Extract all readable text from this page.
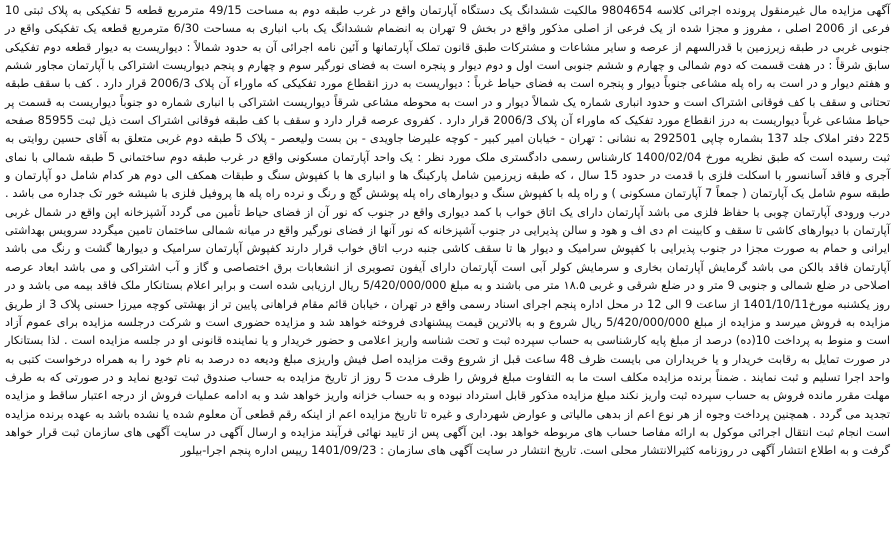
آگهی مزایده مال غیرمنقول پرونده اجرائی کلاسه 9804654 مالکیت ششدانگ یک دستگاه آپارتمان واقع در غرب طبقه دوم به مساحت 49/15 مترمربع قطعه 5 تفکیکی به پلاک ثبتی 10 فرعی از 2006 اصلی ، مفروز و مجزا شده از یک فرعی از اصلی مذکور واقع در بخش 9 تهران به انضمام ششدانگ یک باب انباری به مساحت 6/30 مترمربع قطعه یک تفکیکی واقع در جنوبی غربی در طبقه زیرزمین با قدرالسهم از عرصه و سایر مشاعات و مشترکات طبق قانون تملک آپارتمانها و آئین نامه اجرائی آن به حدود شمالاً : دیواریست به دیوار قطعه دوم تفکیکی سابق شرقاً : در هفت قسمت که دوم شمالی و چهارم و ششم جنوبی است اول و دوم دیوار و پنجره است به فضای نورگیر سوم و چهارم و پنجم دیواریست اشتراکی با آپارتمان مجاور ششم و هفتم دیوار و در است به راه پله مشاعی جنوباً دیوار و پنجره است به فضای حیاط غرباً : دیواریست به درز انقطاع مورد تفکیکی که ماوراء آن پلاک 2006/3 قرار دارد . کف با سقف طبقه تحتانی و سقف با کف فوقانی اشتراک است و حدود انباری شماره یک شمالاً دیوار و در است به محوطه مشاعی شرقاً دیواریست اشتراکی با انباری شماره دو جنوباً دیواریست به قسمت پر حیاط مشاعی غرباً دیواریست به درز انقطاع مورد تفکیک که ماوراء آن پلاک 2006/3 قرار دارد . کفروی عرصه قرار دارد و سقف با کف طبقه فوقانی اشتراک است ذیل ثبت 85955 صفحه 225 دفتر املاک جلد 137 بشماره چاپی 292501 به نشانی : تهران - خیابان امیر کبیر - کوچه علیرضا جاویدی - بن بست ولیعصر - پلاک 5 طبقه دوم غربی متعلق به آقای حسین روایتی به ثبت رسیده است که طبق نظریه مورخ 1400/02/04 کارشناس رسمی دادگستری ملک مورد نظر : یک واحد آپارتمان مسکونی واقع در غرب طبقه دوم ساختمانی 5 طبقه شمالی با نمای آجری و فاقد آسانسور با اسکلت فلزی با قدمت در حدود 15 سال ، که طبقه زیرزمین شامل پارکینگ ها و انباری ها با کفپوش سنگ و طبقات همکف الی دوم هر کدام شامل دو آپارتمان و طبقه سوم شامل یک آپارتمان ( جمعاً 7 آپارتمان مسکونی ) و راه پله با کفپوش سنگ و دیوارهای راه پله پوشش گچ و رنگ و نرده راه پله ها پروفیل فلزی با شیشه خور تک جداره می باشد . درب ورودی آپارتمان چوبی با حفاظ فلزی می باشد آپارتمان دارای یک اتاق خواب با کمد دیواری واقع در جنوب که نور آن از فضای حیاط تأمین می گردد آشپزخانه اپن واقع در شمال غربی آپارتمان با دیوارهای کاشی تا سقف و کابینت ام دی اف و هود و سالن پذیرایی در جنوب آشپزخانه که نور آنها از فضای نورگیر واقع در میانه شمالی ساختمان تامین میگردد سرویس بهداشتی ایرانی و حمام به صورت مجزا در جنوب پذیرایی با کفپوش سرامیک و دیوار ها تا سقف کاشی جنبه درب اتاق خواب قرار دارند کفپوش آپارتمان سرامیک و دیوارها گشت و رنگ می باشد آپارتمان فاقد بالکن می باشد گرمایش آپارتمان بخاری و سرمایش کولر آبی است آپارتمان دارای آیفون تصویری از انشعابات برق اختصاصی و گاز و آب اشتراکی و می باشد ابعاد عرصه اصلاحی در ضلع شمالی و جنوبی 9 متر و در ضلع شرقی و غربی ۱۸.۵ متر می باشند و به مبلغ 5/420/000/000 ریال ارزیابی شده است و برابر اعلام بستانکار ملک فاقد بیمه می باشد و در روز یکشنبه مورخ1401/10/11 از ساعت 9 الی 12 در محل اداره پنجم اجرای اسناد رسمی واقع در تهران ، خیابان قائم مقام فراهانی پایین تر از بهشتی کوچه میرزا حسنی پلاک 3 از طریق مزایده به فروش میرسد و مزایده از مبلغ 5/420/000/000 ریال شروع و به بالاترین قیمت پیشنهادی فروخته خواهد شد و مزایده حضوری است و شرکت درجلسه مزایده برای عموم آزاد است و منوط به پرداخت 10(ده) درصد از مبلغ پایه کارشناسی به حساب سپرده ثبت و تحت شناسه واریز اعلامی و حضور خریدار و یا نماینده قانونی او در جلسه مزایده است . لذا بستانکار در صورت تمایل به رقابت خریدار و یا خریداران می بایست ظرف 48 ساعت قبل از شروع وقت مزایده اصل فیش واریزی مبلغ ودیعه ده درصد به نام خود را به همراه درخواست کتبی به واحد اجرا تسلیم و ثبت نمایند . ضمناً برنده مزایده مکلف است ما به التفاوت مبلغ فروش را ظرف مدت 5 روز از تاریخ مزایده به حساب صندوق ثبت تودیع نماید و در صورتی که به طرف مهلت مقرر مانده فروش به حساب سپرده ثبت واریز نکند مبلغ مزایده مذکور قابل استرداد نبوده و به حساب خزانه واریز خواهد شد و به ادامه عملیات فروش از درجه اعتبار ساقط و مزایده تجدید می گردد . همچنین پرداخت وجوه از هر نوع اعم از بدهی مالیاتی و عوارض شهرداری و غیره تا تاریخ مزایده اعم از اینکه رقم قطعی آن معلوم شده یا نشده باشد به عهده برنده مزایده است انجام ثبت انتقال اجرائی موکول به ارائه مفاصا حساب های مربوطه خواهد بود. این آگهی پس از تایید نهائی فرآیند مزایده و ارسال آگهی در سایت آگهی های سازمان ثبت قرار خواهد گرفت و به اطلاع انتشار آگهی در روزنامه کثیرالانتشار محلی است. تاریخ انتشار در سایت آگهی های سازمان : 1401/09/23 رییس اداره پنجم اجرا-بیلور
